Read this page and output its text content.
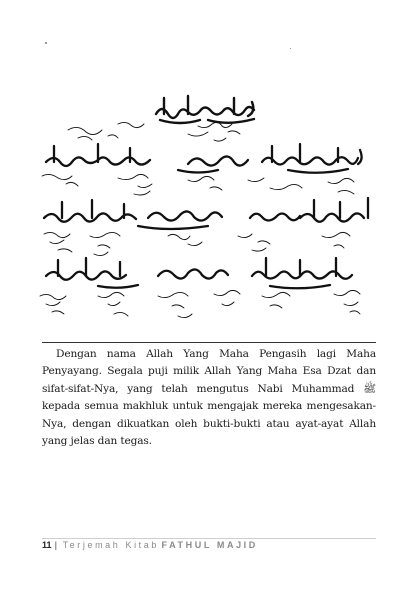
Dengan nama Allah Yang Maha Pengasih lagi Maha Penyayang. Segala puji milik Allah Yang Maha Esa Dzat dan sifat-sifat-Nya, yang telah mengutus Nabi Muhammad ﷺ kepada semua makhluk untuk mengajak mereka mengesakan-Nya, dengan dikuatkan oleh bukti-bukti atau ayat-ayat Allah yang jelas dan tegas.

11 | Terjemah Kitab FATHUL MAJID
